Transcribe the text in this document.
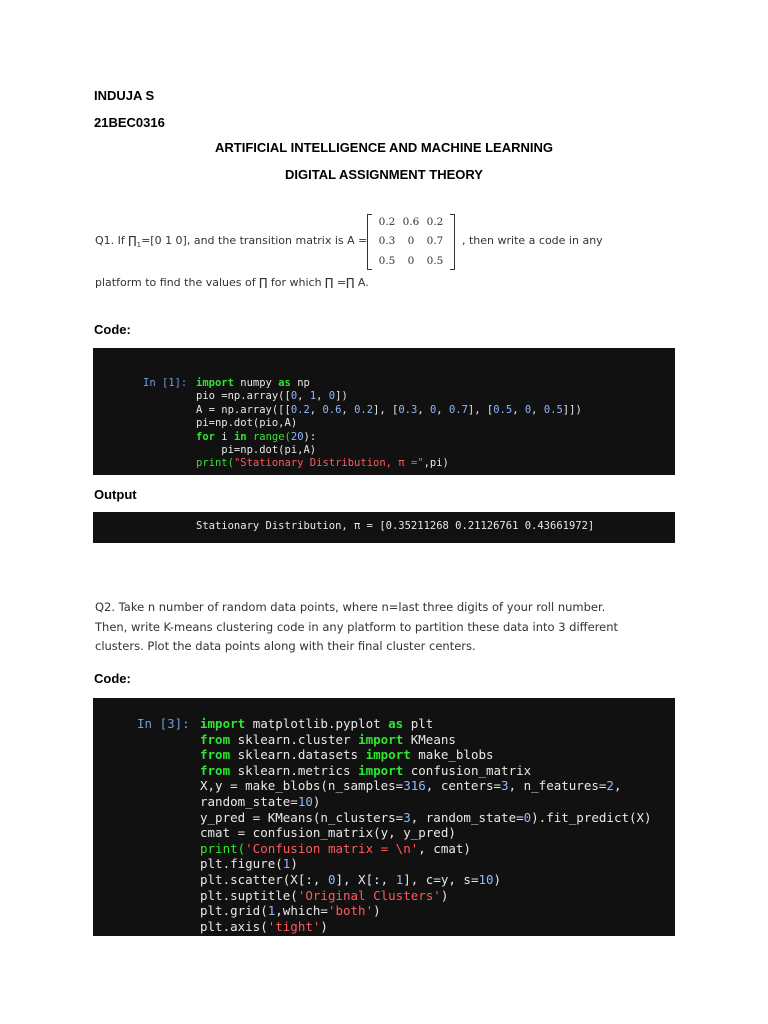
INDUJA S
21BEC0316
ARTIFICIAL INTELLIGENCE AND MACHINE LEARNING
DIGITAL ASSIGNMENT THEORY
Q1. If $\prod_1=[0$ 1 0], and the transition matrix is A =
0.2 0.6 0.2
0.3	0	0.7
0.5	0	0.5
, then write a code in any
platform to find the values of ∏ for which ∏ =∏ A.
Code:
In [1]: import numpy as np
pio =np.array([0, 1, 0])
A = np.array([[0.2, 0.6, 0.2], [0.3, 0, 0.7], [0.5, 0, 0.5]])
pi=np.dot(pio,A)
for i in range(20):
pi=np.dot(pi,A)
print("Stationary Distribution, π =",pi)
Output
Stationary Distribution, π = [0.35211268 0.21126761 0.43661972]
Q2. Take n number of random data points, where n=last three digits of your roll number.
Then, write K-means clustering code in any platform to partition these data into 3 different
clusters. Plot the data points along with their final cluster centers.
Code:
In [3]: import matplotlib.pyplot as plt
from sklearn.cluster import KMeans
from sklearn.datasets import make_blobs
from sklearn.metrics import confusion_matrix
X,y = make_blobs(n_samples=316, centers=3, n_features=2,
random_state=10)
y_pred = KMeans(n_clusters=3, random_state=0).fit_predict(X)
cmat = confusion_matrix(y, y_pred)
print('Confusion matrix = \n', cmat)
plt.figure(1)
plt.scatter(X[:, 0], X[:, 1], c=y, s=10)
plt.suptitle('Original Clusters')
plt.grid(1,which='both')
plt.axis('tight')
